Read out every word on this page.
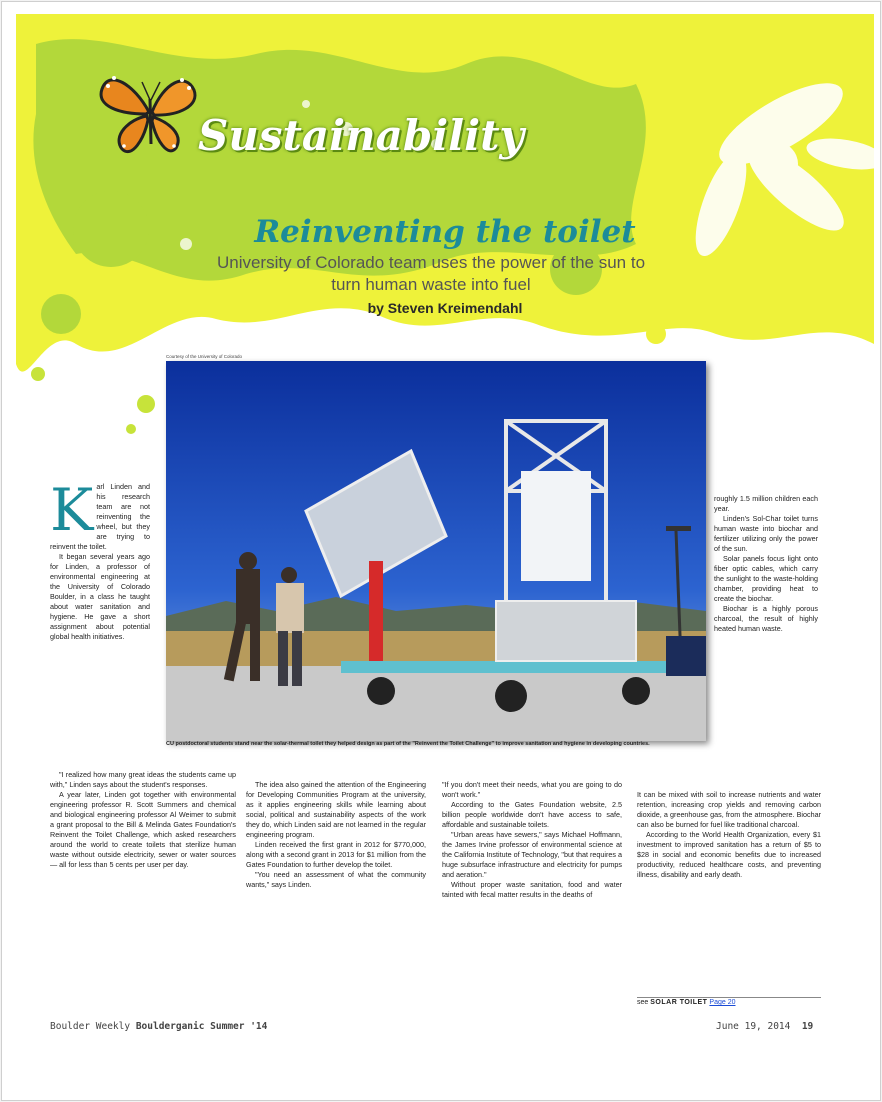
Sustainability
Reinventing the toilet
University of Colorado team uses the power of the sun to turn human waste into fuel
by Steven Kreimendahl
Courtesy of the University of Colorado
CU postdoctoral students stand near the solar-thermal toilet they helped design as part of the "Reinvent the Toilet Challenge" to improve sanitation and hygiene in developing countries.
K arl Linden and his research team are not reinventing the wheel, but they are trying to reinvent the toilet.

It began several years ago for Linden, a professor of environmental engineering at the University of Colorado Boulder, in a class he taught about water sanitation and hygiene. He gave a short assignment about potential global health initiatives.

"I realized how many great ideas the students came up with," Linden says about the student's responses.

A year later, Linden got together with environmental engineering professor R. Scott Summers and chemical and biological engineering professor Al Weimer to submit a grant proposal to the Bill & Melinda Gates Foundation's Reinvent the Toilet Challenge, which asked researchers around the world to create toilets that sterilize human waste without outside electricity, sewer or water sources — all for less than 5 cents per user per day.

The idea also gained the attention of the Engineering for Developing Communities Program at the university, as it applies engineering skills while learning about social, political and sustainability aspects of the work they do, which Linden said are not learned in the regular engineering program.

Linden received the first grant in 2012 for $770,000, along with a second grant in 2013 for $1 million from the Gates Foundation to further develop the toilet.

"You need an assessment of what the community wants," says Linden.

"If you don't meet their needs, what you are going to do won't work."

According to the Gates Foundation website, 2.5 billion people worldwide don't have access to safe, affordable and sustainable toilets.

"Urban areas have sewers," says Michael Hoffmann, the James Irvine professor of environmental science at the California Institute of Technology, "but that requires a huge subsurface infrastructure and electricity for pumps and aeration."

Without proper waste sanitation, food and water tainted with fecal matter results in the deaths of

roughly 1.5 million children each year.

Linden's Sol-Char toilet turns human waste into biochar and fertilizer utilizing only the power of the sun.

Solar panels focus light onto fiber optic cables, which carry the sunlight to the waste-holding chamber, providing heat to create the biochar.

Biochar is a highly porous charcoal, the result of highly heated human waste.

It can be mixed with soil to increase nutrients and water retention, increasing crop yields and removing carbon dioxide, a greenhouse gas, from the atmosphere. Biochar can also be burned for fuel like traditional charcoal.

According to the World Health Organization, every $1 investment to improved sanitation has a return of $5 to $28 in social and economic benefits due to increased productivity, reduced healthcare costs, and preventing illness, disability and early death.

see SOLAR TOILET Page 20
Boulder Weekly Boulderganic Summer '14	June 19, 2014 19
